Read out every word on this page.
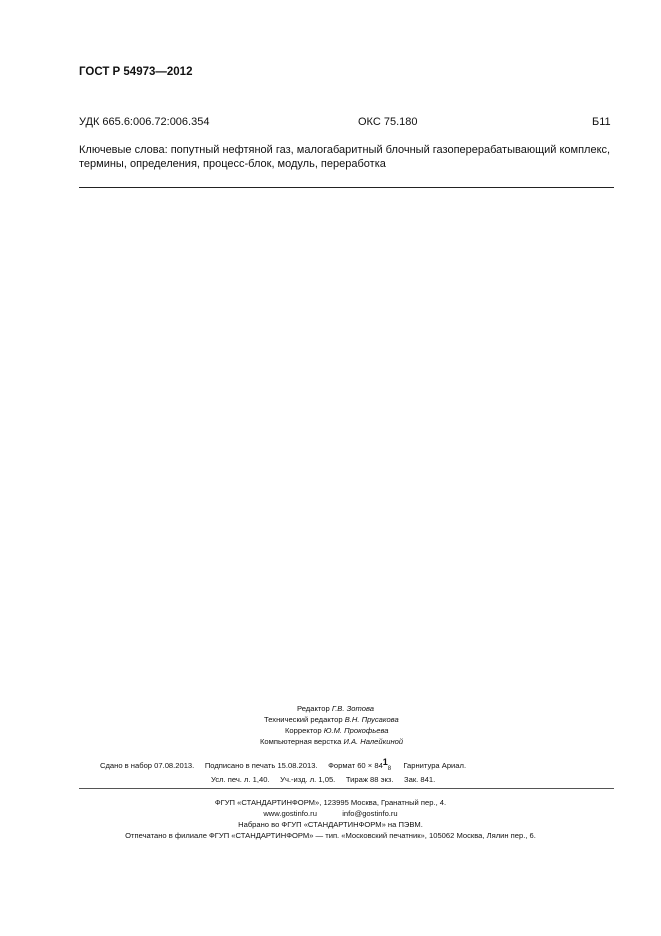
ГОСТ Р 54973—2012
УДК 665.6:006.72:006.354	ОКС 75.180	Б11
Ключевые слова: попутный нефтяной газ, малогабаритный блочный газоперерабатывающий комплекс, термины, определения, процесс-блок, модуль, переработка
Редактор Г.В. Зотова
Технический редактор В.Н. Прусакова
Корректор Ю.М. Прокофьева
Компьютерная верстка И.А. Налейкиной
Сдано в набор 07.08.2013. Подписано в печать 15.08.2013. Формат 60 × 84 1
8 Гарнитура Ариал.
Усл. печ. л. 1,40. Уч.-изд. л. 1,05. Тираж 88 экз. Зак. 841.
ФГУП «СТАНДАРТИНФОРМ», 123995 Москва, Гранатный пер., 4.
www.gostinfo.ru	info@gostinfo.ru
Набрано во ФГУП «СТАНДАРТИНФОРМ» на ПЭВМ.
Отпечатано в филиале ФГУП «СТАНДАРТИНФОРМ» — тип. «Московский печатник», 105062 Москва, Лялин пер., 6.
